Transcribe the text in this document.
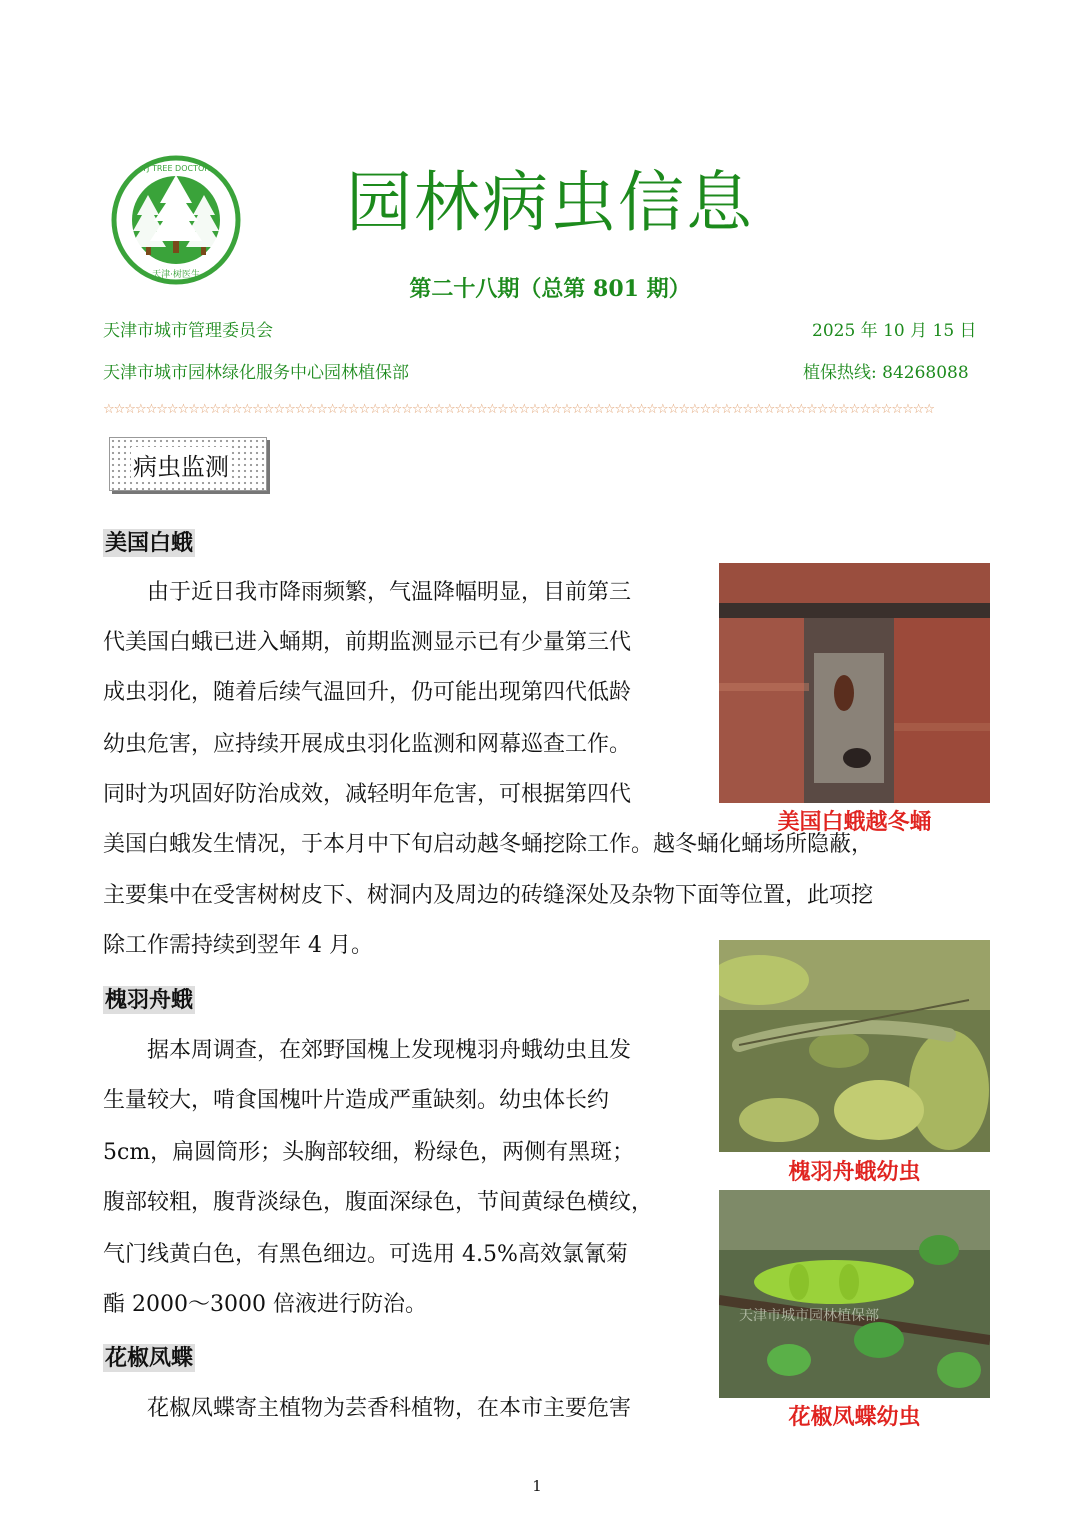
TJ TREE DOCTOR
天津·树医生
园林病虫信息
第二十八期（总第 801 期）
天津市城市管理委员会	2025 年 10 月 15 日
天津市城市园林绿化服务中心园林植保部	植保热线: 84268088
☆☆☆☆☆☆☆☆☆☆☆☆☆☆☆☆☆☆☆☆☆☆☆☆☆☆☆☆☆☆☆☆☆☆☆☆☆☆☆☆☆☆☆☆☆☆☆☆☆☆☆☆☆☆☆☆☆☆☆☆☆☆☆☆☆☆☆☆☆☆☆☆☆☆☆☆☆☆
病虫监测
美国白蛾
　　由于近日我市降雨频繁，气温降幅明显，目前第三
代美国白蛾已进入蛹期，前期监测显示已有少量第三代
成虫羽化，随着后续气温回升，仍可能出现第四代低龄
幼虫危害，应持续开展成虫羽化监测和网幕巡查工作。
同时为巩固好防治成效，减轻明年危害，可根据第四代
美国白蛾发生情况，于本月中下旬启动越冬蛹挖除工作。越冬蛹化蛹场所隐蔽，
主要集中在受害树树皮下、树洞内及周边的砖缝深处及杂物下面等位置，此项挖
除工作需持续到翌年 4 月。
美国白蛾越冬蛹
槐羽舟蛾
　　据本周调查，在郊野国槐上发现槐羽舟蛾幼虫且发
生量较大，啃食国槐叶片造成严重缺刻。幼虫体长约
5cm，扁圆筒形；头胸部较细，粉绿色，两侧有黑斑；
腹部较粗，腹背淡绿色，腹面深绿色，节间黄绿色横纹，
气门线黄白色，有黑色细边。可选用 4.5%高效氯氰菊
酯 2000～3000 倍液进行防治。
槐羽舟蛾幼虫
花椒凤蝶
　　花椒凤蝶寄主植物为芸香科植物，在本市主要危害
天津市城市园林植保部
花椒凤蝶幼虫
1
